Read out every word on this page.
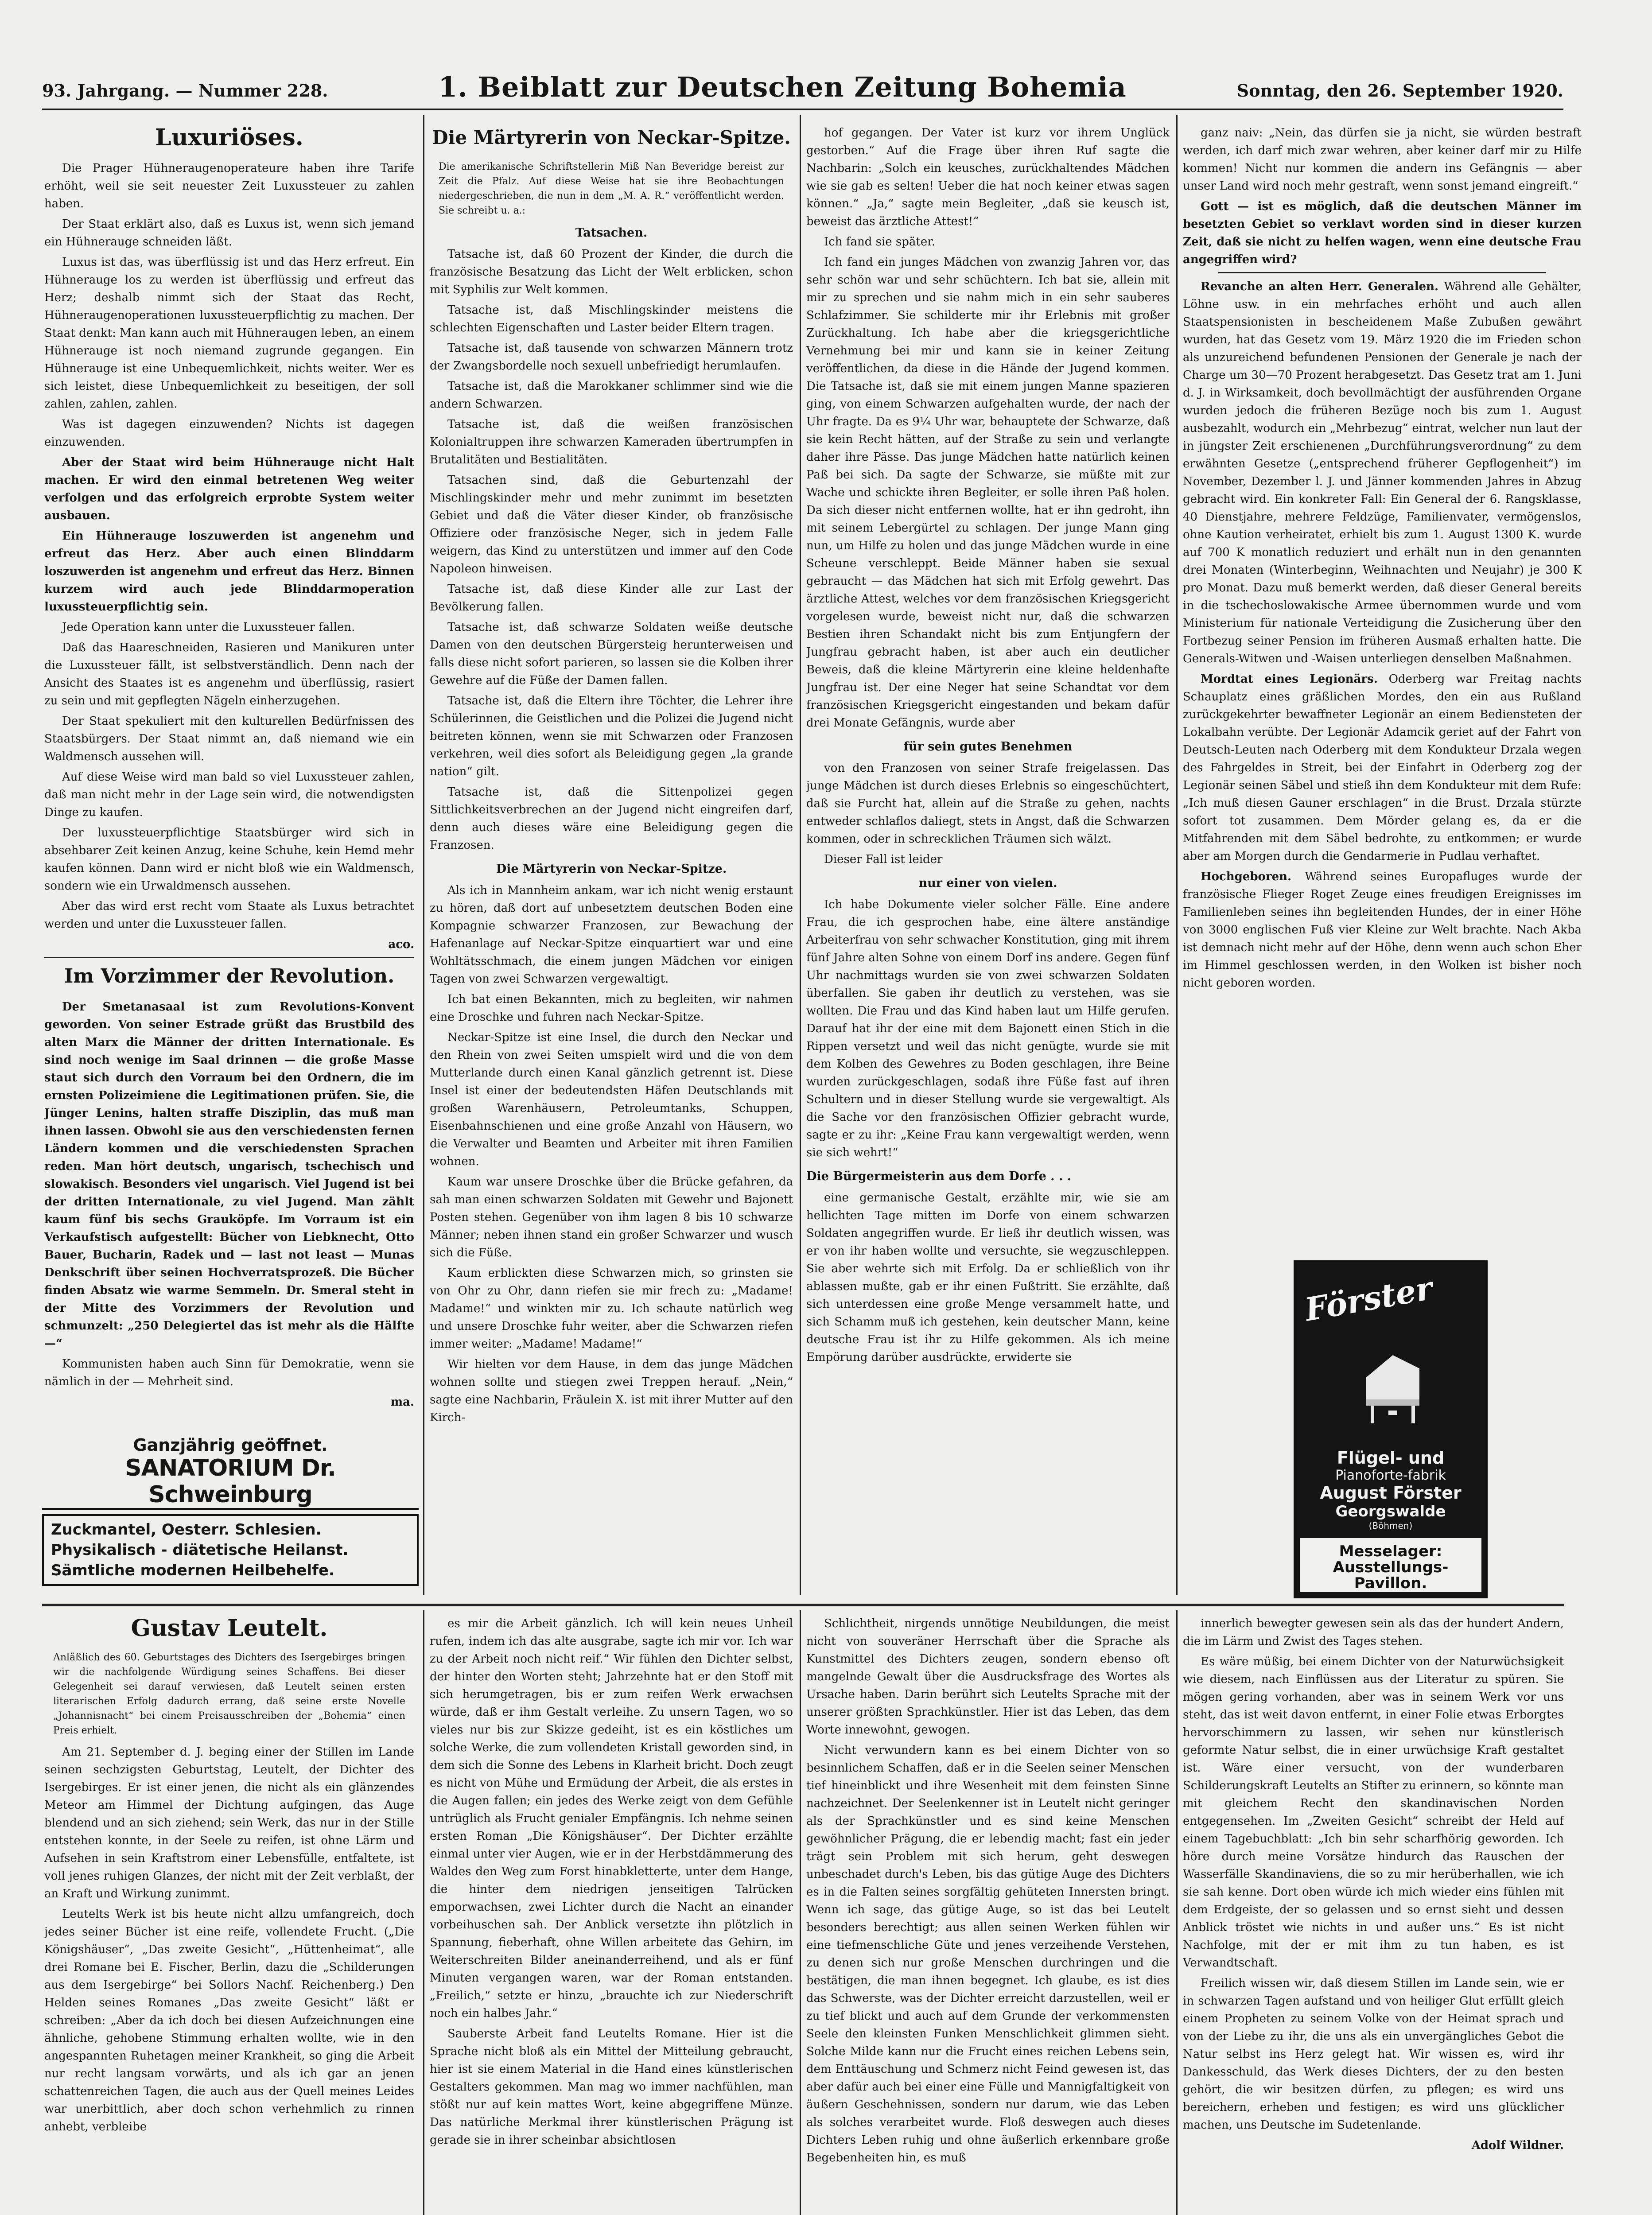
93. Jahrgang. — Nummer 228.	1. Beiblatt zur Deutschen Zeitung Bohemia	Sonntag, den 26. September 1920.
Luxuriöses.

Die Prager Hühneraugenoperateure haben ihre Tarife erhöht, weil sie seit neuester Zeit Luxussteuer zu zahlen haben.

Der Staat erklärt also, daß es Luxus ist, wenn sich jemand ein Hühnerauge schneiden läßt.

Luxus ist das, was überflüssig ist und das Herz erfreut. Ein Hühnerauge los zu werden ist überflüssig und erfreut das Herz; deshalb nimmt sich der Staat das Recht, Hühneraugenoperationen luxussteuerpflichtig zu machen. Der Staat denkt: Man kann auch mit Hühneraugen leben, an einem Hühnerauge ist noch niemand zugrunde gegangen. Ein Hühnerauge ist eine Unbequemlichkeit, nichts weiter. Wer es sich leistet, diese Unbequemlichkeit zu beseitigen, der soll zahlen, zahlen, zahlen.

Was ist dagegen einzuwenden? Nichts ist dagegen einzuwenden.

Aber der Staat wird beim Hühnerauge nicht Halt machen. Er wird den einmal betretenen Weg weiter verfolgen und das erfolgreich erprobte System weiter ausbauen.

Ein Hühnerauge loszuwerden ist angenehm und erfreut das Herz. Aber auch einen Blinddarm loszuwerden ist angenehm und erfreut das Herz. Binnen kurzem wird auch jede Blinddarmoperation luxussteuerpflichtig sein.

Jede Operation kann unter die Luxussteuer fallen.

Daß das Haareschneiden, Rasieren und Manikuren unter die Luxussteuer fällt, ist selbstverständlich. Denn nach der Ansicht des Staates ist es angenehm und überflüssig, rasiert zu sein und mit gepflegten Nägeln einherzugehen.

Der Staat spekuliert mit den kulturellen Bedürfnissen des Staatsbürgers. Der Staat nimmt an, daß niemand wie ein Waldmensch aussehen will.

Auf diese Weise wird man bald so viel Luxussteuer zahlen, daß man nicht mehr in der Lage sein wird, die notwendigsten Dinge zu kaufen.

Der luxussteuerpflichtige Staatsbürger wird sich in absehbarer Zeit keinen Anzug, keine Schuhe, kein Hemd mehr kaufen können. Dann wird er nicht bloß wie ein Waldmensch, sondern wie ein Urwaldmensch aussehen.

Aber das wird erst recht vom Staate als Luxus betrachtet werden und unter die Luxussteuer fallen.

aco.

Im Vorzimmer der Revolution.

Der Smetanasaal ist zum Revolutions-Konvent geworden. Von seiner Estrade grüßt das Brustbild des alten Marx die Männer der dritten Internationale. Es sind noch wenige im Saal drinnen — die große Masse staut sich durch den Vorraum bei den Ordnern, die im ernsten Polizeimiene die Legitimationen prüfen. Sie, die Jünger Lenins, halten straffe Disziplin, das muß man ihnen lassen. Obwohl sie aus den verschiedensten fernen Ländern kommen und die verschiedensten Sprachen reden. Man hört deutsch, ungarisch, tschechisch und slowakisch. Besonders viel ungarisch. Viel Jugend ist bei der dritten Internationale, zu viel Jugend. Man zählt kaum fünf bis sechs Grauköpfe. Im Vorraum ist ein Verkaufstisch aufgestellt: Bücher von Liebknecht, Otto Bauer, Bucharin, Radek und — last not least — Munas Denkschrift über seinen Hochverratsprozeß. Die Bücher finden Absatz wie warme Semmeln. Dr. Smeral steht in der Mitte des Vorzimmers der Revolution und schmunzelt: „250 Delegiertel das ist mehr als die Hälfte—“

Kommunisten haben auch Sinn für Demokratie, wenn sie nämlich in der — Mehrheit sind.

ma.

Ganzjährig geöffnet.
SANATORIUM Dr. Schweinburg
Zuckmantel, Oesterr. Schlesien.
Physikalisch - diätetische Heilanst.
Sämtliche modernen Heilbehelfe.
Die Märtyrerin von Neckar-Spitze.
Die amerikanische Schriftstellerin Miß Nan Beveridge bereist zur Zeit die Pfalz. Auf diese Weise hat sie ihre Beobachtungen niedergeschrieben, die nun in dem „M. A. R.“ veröffentlicht werden. Sie schreibt u. a.:
Tatsachen.

Tatsache ist, daß 60 Prozent der Kinder, die durch die französische Besatzung das Licht der Welt erblicken, schon mit Syphilis zur Welt kommen.

Tatsache ist, daß Mischlingskinder meistens die schlechten Eigenschaften und Laster beider Eltern tragen.

Tatsache ist, daß tausende von schwarzen Männern trotz der Zwangsbordelle noch sexuell unbefriedigt herumlaufen.

Tatsache ist, daß die Marokkaner schlimmer sind wie die andern Schwarzen.

Tatsache ist, daß die weißen französischen Kolonialtruppen ihre schwarzen Kameraden übertrumpfen in Brutalitäten und Bestialitäten.

Tatsachen sind, daß die Geburtenzahl der Mischlingskinder mehr und mehr zunimmt im besetzten Gebiet und daß die Väter dieser Kinder, ob französische Offiziere oder französische Neger, sich in jedem Falle weigern, das Kind zu unterstützen und immer auf den Code Napoleon hinweisen.

Tatsache ist, daß diese Kinder alle zur Last der Bevölkerung fallen.

Tatsache ist, daß schwarze Soldaten weiße deutsche Damen von den deutschen Bürgersteig herunterweisen und falls diese nicht sofort parieren, so lassen sie die Kolben ihrer Gewehre auf die Füße der Damen fallen.

Tatsache ist, daß die Eltern ihre Töchter, die Lehrer ihre Schülerinnen, die Geistlichen und die Polizei die Jugend nicht beitreten können, wenn sie mit Schwarzen oder Franzosen verkehren, weil dies sofort als Beleidigung gegen „la grande nation“ gilt.

Tatsache ist, daß die Sittenpolizei gegen Sittlichkeitsverbrechen an der Jugend nicht eingreifen darf, denn auch dieses wäre eine Beleidigung gegen die Franzosen.

Die Märtyrerin von Neckar-Spitze.

Als ich in Mannheim ankam, war ich nicht wenig erstaunt zu hören, daß dort auf unbesetztem deutschen Boden eine Kompagnie schwarzer Franzosen, zur Bewachung der Hafenanlage auf Neckar-Spitze einquartiert war und eine Wohltätsschmach, die einem jungen Mädchen vor einigen Tagen von zwei Schwarzen vergewaltigt.

Ich bat einen Bekannten, mich zu begleiten, wir nahmen eine Droschke und fuhren nach Neckar-Spitze.

Neckar-Spitze ist eine Insel, die durch den Neckar und den Rhein von zwei Seiten umspielt wird und die von dem Mutterlande durch einen Kanal gänzlich getrennt ist. Diese Insel ist einer der bedeutendsten Häfen Deutschlands mit großen Warenhäusern, Petroleumtanks, Schuppen, Eisenbahnschienen und eine große Anzahl von Häusern, wo die Verwalter und Beamten und Arbeiter mit ihren Familien wohnen.

Kaum war unsere Droschke über die Brücke gefahren, da sah man einen schwarzen Soldaten mit Gewehr und Bajonett Posten stehen. Gegenüber von ihm lagen 8 bis 10 schwarze Männer; neben ihnen stand ein großer Schwarzer und wusch sich die Füße.

Kaum erblickten diese Schwarzen mich, so grinsten sie von Ohr zu Ohr, dann riefen sie mir frech zu: „Madame! Madame!“ und winkten mir zu. Ich schaute natürlich weg und unsere Droschke fuhr weiter, aber die Schwarzen riefen immer weiter: „Madame! Madame!“

Wir hielten vor dem Hause, in dem das junge Mädchen wohnen sollte und stiegen zwei Treppen herauf. „Nein,“ sagte eine Nachbarin, Fräulein X. ist mit ihrer Mutter auf den Kirch-

hof gegangen. Der Vater ist kurz vor ihrem Unglück gestorben.“ Auf die Frage über ihren Ruf sagte die Nachbarin: „Solch ein keusches, zurückhaltendes Mädchen wie sie gab es selten! Ueber die hat noch keiner etwas sagen können.“ „Ja,“ sagte mein Begleiter, „daß sie keusch ist, beweist das ärztliche Attest!“

Ich fand sie später.

Ich fand ein junges Mädchen von zwanzig Jahren vor, das sehr schön war und sehr schüchtern. Ich bat sie, allein mit mir zu sprechen und sie nahm mich in ein sehr sauberes Schlafzimmer. Sie schilderte mir ihr Erlebnis mit großer Zurückhaltung. Ich habe aber die kriegsgerichtliche Vernehmung bei mir und kann sie in keiner Zeitung veröffentlichen, da diese in die Hände der Jugend kommen. Die Tatsache ist, daß sie mit einem jungen Manne spazieren ging, von einem Schwarzen aufgehalten wurde, der nach der Uhr fragte. Da es 9¼ Uhr war, behauptete der Schwarze, daß sie kein Recht hätten, auf der Straße zu sein und verlangte daher ihre Pässe. Das junge Mädchen hatte natürlich keinen Paß bei sich. Da sagte der Schwarze, sie müßte mit zur Wache und schickte ihren Begleiter, er solle ihren Paß holen. Da sich dieser nicht entfernen wollte, hat er ihn gedroht, ihn mit seinem Lebergürtel zu schlagen. Der junge Mann ging nun, um Hilfe zu holen und das junge Mädchen wurde in eine Scheune verschleppt. Beide Männer haben sie sexual gebraucht — das Mädchen hat sich mit Erfolg gewehrt. Das ärztliche Attest, welches vor dem französischen Kriegsgericht vorgelesen wurde, beweist nicht nur, daß die schwarzen Bestien ihren Schandakt nicht bis zum Entjungfern der Jungfrau gebracht haben, ist aber auch ein deutlicher Beweis, daß die kleine Märtyrerin eine kleine heldenhafte Jungfrau ist. Der eine Neger hat seine Schandtat vor dem französischen Kriegsgericht eingestanden und bekam dafür drei Monate Gefängnis, wurde aber

für sein gutes Benehmen

von den Franzosen von seiner Strafe freigelassen. Das junge Mädchen ist durch dieses Erlebnis so eingeschüchtert, daß sie Furcht hat, allein auf die Straße zu gehen, nachts entweder schlaflos daliegt, stets in Angst, daß die Schwarzen kommen, oder in schrecklichen Träumen sich wälzt.

Dieser Fall ist leider

nur einer von vielen.

Ich habe Dokumente vieler solcher Fälle. Eine andere Frau, die ich gesprochen habe, eine ältere anständige Arbeiterfrau von sehr schwacher Konstitution, ging mit ihrem fünf Jahre alten Sohne von einem Dorf ins andere. Gegen fünf Uhr nachmittags wurden sie von zwei schwarzen Soldaten überfallen. Sie gaben ihr deutlich zu verstehen, was sie wollten. Die Frau und das Kind haben laut um Hilfe gerufen. Darauf hat ihr der eine mit dem Bajonett einen Stich in die Rippen versetzt und weil das nicht genügte, wurde sie mit dem Kolben des Gewehres zu Boden geschlagen, ihre Beine wurden zurückgeschlagen, sodaß ihre Füße fast auf ihren Schultern und in dieser Stellung wurde sie vergewaltigt. Als die Sache vor den französischen Offizier gebracht wurde, sagte er zu ihr: „Keine Frau kann vergewaltigt werden, wenn sie sich wehrt!“

Die Bürgermeisterin aus dem Dorfe . . .

eine germanische Gestalt, erzählte mir, wie sie am hellichten Tage mitten im Dorfe von einem schwarzen Soldaten angegriffen wurde. Er ließ ihr deutlich wissen, was er von ihr haben wollte und versuchte, sie wegzuschleppen. Sie aber wehrte sich mit Erfolg. Da er schließlich von ihr ablassen mußte, gab er ihr einen Fußtritt. Sie erzählte, daß sich unterdessen eine große Menge versammelt hatte, und sich Schamm muß ich gestehen, kein deutscher Mann, keine deutsche Frau ist ihr zu Hilfe gekommen. Als ich meine Empörung darüber ausdrückte, erwiderte sie

ganz naiv: „Nein, das dürfen sie ja nicht, sie würden bestraft werden, ich darf mich zwar wehren, aber keiner darf mir zu Hilfe kommen! Nicht nur kommen die andern ins Gefängnis — aber unser Land wird noch mehr gestraft, wenn sonst jemand eingreift.“

Gott — ist es möglich, daß die deutschen Männer im besetzten Gebiet so verklavt worden sind in dieser kurzen Zeit, daß sie nicht zu helfen wagen, wenn eine deutsche Frau angegriffen wird?

Revanche an alten Herr. Generalen. Während alle Gehälter, Löhne usw. in ein mehrfaches erhöht und auch allen Staatspensionisten in bescheidenem Maße Zubußen gewährt wurden, hat das Gesetz vom 19. März 1920 die im Frieden schon als unzureichend befundenen Pensionen der Generale je nach der Charge um 30—70 Prozent herabgesetzt. Das Gesetz trat am 1. Juni d. J. in Wirksamkeit, doch bevollmächtigt der ausführenden Organe wurden jedoch die früheren Bezüge noch bis zum 1. August ausbezahlt, wodurch ein „Mehrbezug“ eintrat, welcher nun laut der in jüngster Zeit erschienenen „Durchführungsverordnung“ zu dem erwähnten Gesetze („entsprechend früherer Gepflogenheit“) im November, Dezember l. J. und Jänner kommenden Jahres in Abzug gebracht wird. Ein konkreter Fall: Ein General der 6. Rangsklasse, 40 Dienstjahre, mehrere Feldzüge, Familienvater, vermögenslos, ohne Kaution verheiratet, erhielt bis zum 1. August 1300 K. wurde auf 700 K monatlich reduziert und erhält nun in den genannten drei Monaten (Winterbeginn, Weihnachten und Neujahr) je 300 K pro Monat. Dazu muß bemerkt werden, daß dieser General bereits in die tschechoslowakische Armee übernommen wurde und vom Ministerium für nationale Verteidigung die Zusicherung über den Fortbezug seiner Pension im früheren Ausmaß erhalten hatte. Die Generals-Witwen und -Waisen unterliegen denselben Maßnahmen.

Mordtat eines Legionärs. Oderberg war Freitag nachts Schauplatz eines gräßlichen Mordes, den ein aus Rußland zurückgekehrter bewaffneter Legionär an einem Bediensteten der Lokalbahn verübte. Der Legionär Adamcik geriet auf der Fahrt von Deutsch-Leuten nach Oderberg mit dem Kondukteur Drzala wegen des Fahrgeldes in Streit, bei der Einfahrt in Oderberg zog der Legionär seinen Säbel und stieß ihn dem Kondukteur mit dem Rufe: „Ich muß diesen Gauner erschlagen“ in die Brust. Drzala stürzte sofort tot zusammen. Dem Mörder gelang es, da er die Mitfahrenden mit dem Säbel bedrohte, zu entkommen; er wurde aber am Morgen durch die Gendarmerie in Pudlau verhaftet.

Hochgeboren. Während seines Europafluges wurde der französische Flieger Roget Zeuge eines freudigen Ereignisses im Familienleben seines ihn begleitenden Hundes, der in einer Höhe von 3000 englischen Fuß vier Kleine zur Welt brachte. Nach Akba ist demnach nicht mehr auf der Höhe, denn wenn auch schon Eher im Himmel geschlossen werden, in den Wolken ist bisher noch nicht geboren worden.

Förster
Flügel- und
Pianoforte-fabrik
August Förster
Georgswalde
(Böhmen)
Messelager: Ausstellungs-Pavillon.
Gustav Leutelt.
Anläßlich des 60. Geburtstages des Dichters des Isergebirges bringen wir die nachfolgende Würdigung seines Schaffens. Bei dieser Gelegenheit sei darauf verwiesen, daß Leutelt seinen ersten literarischen Erfolg dadurch errang, daß seine erste Novelle „Johannisnacht“ bei einem Preisausschreiben der „Bohemia“ einen Preis erhielt.

Am 21. September d. J. beging einer der Stillen im Lande seinen sechzigsten Geburtstag, Leutelt, der Dichter des Isergebirges. Er ist einer jenen, die nicht als ein glänzendes Meteor am Himmel der Dichtung aufgingen, das Auge blendend und an sich ziehend; sein Werk, das nur in der Stille entstehen konnte, in der Seele zu reifen, ist ohne Lärm und Aufsehen in sein Kraftstrom einer Lebensfülle, entfaltete, ist voll jenes ruhigen Glanzes, der nicht mit der Zeit verblaßt, der an Kraft und Wirkung zunimmt.

Leutelts Werk ist bis heute nicht allzu umfangreich, doch jedes seiner Bücher ist eine reife, vollendete Frucht. („Die Königshäuser“, „Das zweite Gesicht“, „Hüttenheimat“, alle drei Romane bei E. Fischer, Berlin, dazu die „Schilderungen aus dem Isergebirge“ bei Sollors Nachf. Reichenberg.) Den Helden seines Romanes „Das zweite Gesicht“ läßt er schreiben: „Aber da ich doch bei diesen Aufzeichnungen eine ähnliche, gehobene Stimmung erhalten wollte, wie in den angespannten Ruhetagen meiner Krankheit, so ging die Arbeit nur recht langsam vorwärts, und als ich gar an jenen schattenreichen Tagen, die auch aus der Quell meines Leides war unerbittlich, aber doch schon verhehmlich zu rinnen anhebt, verbleibe

es mir die Arbeit gänzlich. Ich will kein neues Unheil rufen, indem ich das alte ausgrabe, sagte ich mir vor. Ich war zu der Arbeit noch nicht reif.“ Wir fühlen den Dichter selbst, der hinter den Worten steht; Jahrzehnte hat er den Stoff mit sich herumgetragen, bis er zum reifen Werk erwachsen würde, daß er ihm Gestalt verleihe. Zu unsern Tagen, wo so vieles nur bis zur Skizze gedeiht, ist es ein köstliches um solche Werke, die zum vollendeten Kristall geworden sind, in dem sich die Sonne des Lebens in Klarheit bricht. Doch zeugt es nicht von Mühe und Ermüdung der Arbeit, die als erstes in die Augen fallen; ein jedes des Werke zeigt von dem Gefühle untrüglich als Frucht genialer Empfängnis. Ich nehme seinen ersten Roman „Die Königshäuser“. Der Dichter erzählte einmal unter vier Augen, wie er in der Herbstdämmerung des Waldes den Weg zum Forst hinabkletterte, unter dem Hange, die hinter dem niedrigen jenseitigen Talrücken emporwachsen, zwei Lichter durch die Nacht an einander vorbeihuschen sah. Der Anblick versetzte ihn plötzlich in Spannung, fieberhaft, ohne Willen arbeitete das Gehirn, im Weiterschreiten Bilder aneinanderreihend, und als er fünf Minuten vergangen waren, war der Roman entstanden. „Freilich,“ setzte er hinzu, „brauchte ich zur Niederschrift noch ein halbes Jahr.“

Sauberste Arbeit fand Leutelts Romane. Hier ist die Sprache nicht bloß als ein Mittel der Mitteilung gebraucht, hier ist sie einem Material in die Hand eines künstlerischen Gestalters gekommen. Man mag wo immer nachfühlen, man stößt nur auf kein mattes Wort, keine abgegriffene Münze. Das natürliche Merkmal ihrer künstlerischen Prägung ist gerade sie in ihrer scheinbar absichtlosen

Schlichtheit, nirgends unnötige Neubildungen, die meist nicht von souveräner Herrschaft über die Sprache als Kunstmittel des Dichters zeugen, sondern ebenso oft mangelnde Gewalt über die Ausdrucksfrage des Wortes als Ursache haben. Darin berührt sich Leutelts Sprache mit der unserer größten Sprachkünstler. Hier ist das Leben, das dem Worte innewohnt, gewogen.

Nicht verwundern kann es bei einem Dichter von so besinnlichem Schaffen, daß er in die Seelen seiner Menschen tief hineinblickt und ihre Wesenheit mit dem feinsten Sinne nachzeichnet. Der Seelenkenner ist in Leutelt nicht geringer als der Sprachkünstler und es sind keine Menschen gewöhnlicher Prägung, die er lebendig macht; fast ein jeder trägt sein Problem mit sich herum, geht deswegen unbeschadet durch's Leben, bis das gütige Auge des Dichters es in die Falten seines sorgfältig gehüteten Innersten bringt. Wenn ich sage, das gütige Auge, so ist das bei Leutelt besonders berechtigt; aus allen seinen Werken fühlen wir eine tiefmenschliche Güte und jenes verzeihende Verstehen, zu denen sich nur große Menschen durchringen und die bestätigen, die man ihnen begegnet. Ich glaube, es ist dies das Schwerste, was der Dichter erreicht darzustellen, weil er zu tief blickt und auch auf dem Grunde der verkommensten Seele den kleinsten Funken Menschlichkeit glimmen sieht. Solche Milde kann nur die Frucht eines reichen Lebens sein, dem Enttäuschung und Schmerz nicht Feind gewesen ist, das aber dafür auch bei einer eine Fülle und Mannigfaltigkeit von äußern Geschehnissen, sondern nur darum, wie das Leben als solches verarbeitet wurde. Floß deswegen auch dieses Dichters Leben ruhig und ohne äußerlich erkennbare große Begebenheiten hin, es muß

innerlich bewegter gewesen sein als das der hundert Andern, die im Lärm und Zwist des Tages stehen.

Es wäre müßig, bei einem Dichter von der Naturwüchsigkeit wie diesem, nach Einflüssen aus der Literatur zu spüren. Sie mögen gering vorhanden, aber was in seinem Werk vor uns steht, das ist weit davon entfernt, in einer Folie etwas Erborgtes hervorschimmern zu lassen, wir sehen nur künstlerisch geformte Natur selbst, die in einer urwüchsige Kraft gestaltet ist. Wäre einer versucht, von der wunderbaren Schilderungskraft Leutelts an Stifter zu erinnern, so könnte man mit gleichem Recht den skandinavischen Norden entgegensehen. Im „Zweiten Gesicht“ schreibt der Held auf einem Tagebuchblatt: „Ich bin sehr scharfhörig geworden. Ich höre durch meine Vorsätze hindurch das Rauschen der Wasserfälle Skandinaviens, die so zu mir herüberhallen, wie ich sie sah kenne. Dort oben würde ich mich wieder eins fühlen mit dem Erdgeiste, der so gelassen und so ernst sieht und dessen Anblick tröstet wie nichts in und außer uns.“ Es ist nicht Nachfolge, mit der er mit ihm zu tun haben, es ist Verwandtschaft.

Freilich wissen wir, daß diesem Stillen im Lande sein, wie er in schwarzen Tagen aufstand und von heiliger Glut erfüllt gleich einem Propheten zu seinem Volke von der Heimat sprach und von der Liebe zu ihr, die uns als ein unvergängliches Gebot die Natur selbst ins Herz gelegt hat. Wir wissen es, wird ihr Dankesschuld, das Werk dieses Dichters, der zu den besten gehört, die wir besitzen dürfen, zu pflegen; es wird uns bereichern, erheben und festigen; es wird uns glücklicher machen, uns Deutsche im Sudetenlande.

Adolf Wildner.
